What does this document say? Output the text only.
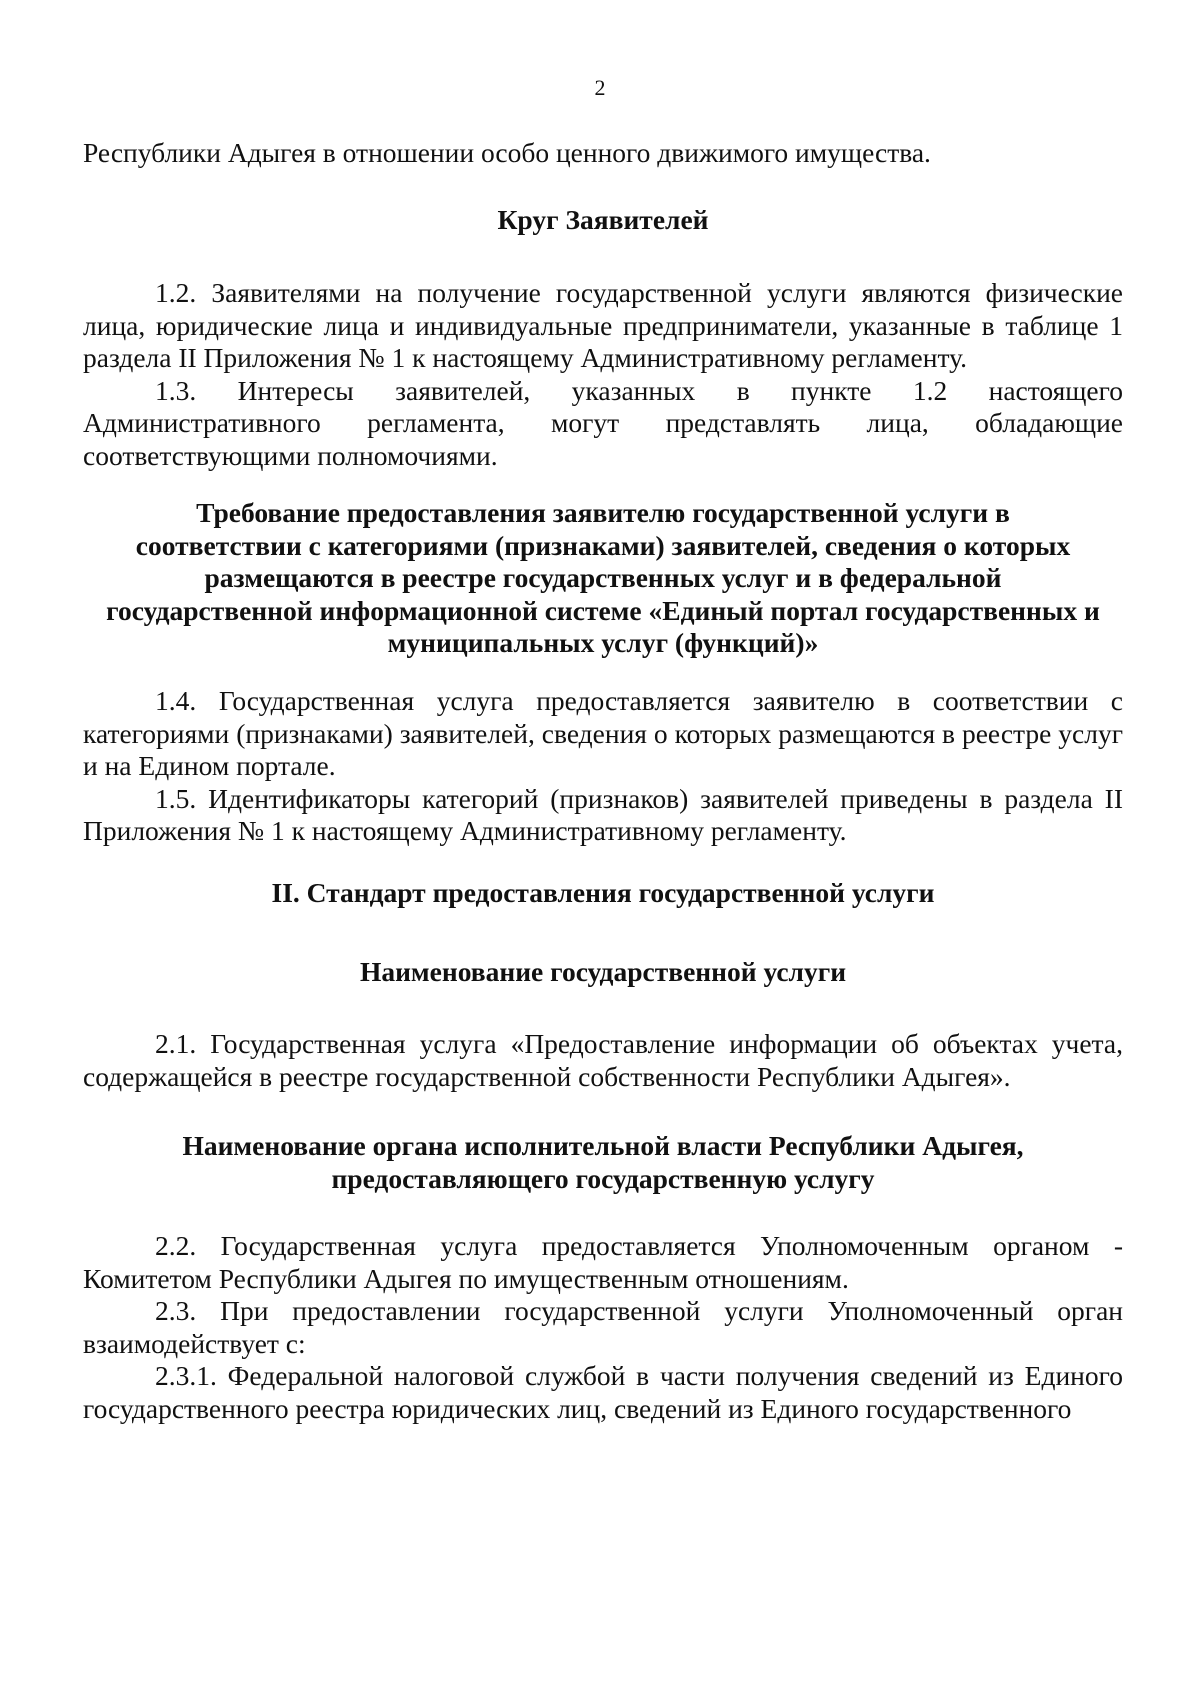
2

Республики Адыгея в отношении особо ценного движимого имущества.

Круг Заявителей

1.2. Заявителями на получение государственной услуги являются физические лица, юридические лица и индивидуальные предприниматели, указанные в таблице 1 раздела II Приложения № 1 к настоящему Административному регламенту.

1.3. Интересы заявителей, указанных в пункте 1.2 настоящего Административного регламента, могут представлять лица, обладающие соответствующими полномочиями.

Требование предоставления заявителю государственной услуги в
соответствии с категориями (признаками) заявителей, сведения о которых
размещаются в реестре государственных услуг и в федеральной
государственной информационной системе «Единый портал государственных и
муниципальных услуг (функций)»

1.4. Государственная услуга предоставляется заявителю в соответствии с категориями (признаками) заявителей, сведения о которых размещаются в реестре услуг и на Едином портале.

1.5. Идентификаторы категорий (признаков) заявителей приведены в раздела II Приложения № 1 к настоящему Административному регламенту.

II. Стандарт предоставления государственной услуги
Наименование государственной услуги

2.1. Государственная услуга «Предоставление информации об объектах учета, содержащейся в реестре государственной собственности Республики Адыгея».

Наименование органа исполнительной власти Республики Адыгея,
предоставляющего государственную услугу

2.2. Государственная услуга предоставляется Уполномоченным органом - Комитетом Республики Адыгея по имущественным отношениям.

2.3. При предоставлении государственной услуги Уполномоченный орган взаимодействует с:

2.3.1. Федеральной налоговой службой в части получения сведений из Единого государственного реестра юридических лиц, сведений из Единого государственного
